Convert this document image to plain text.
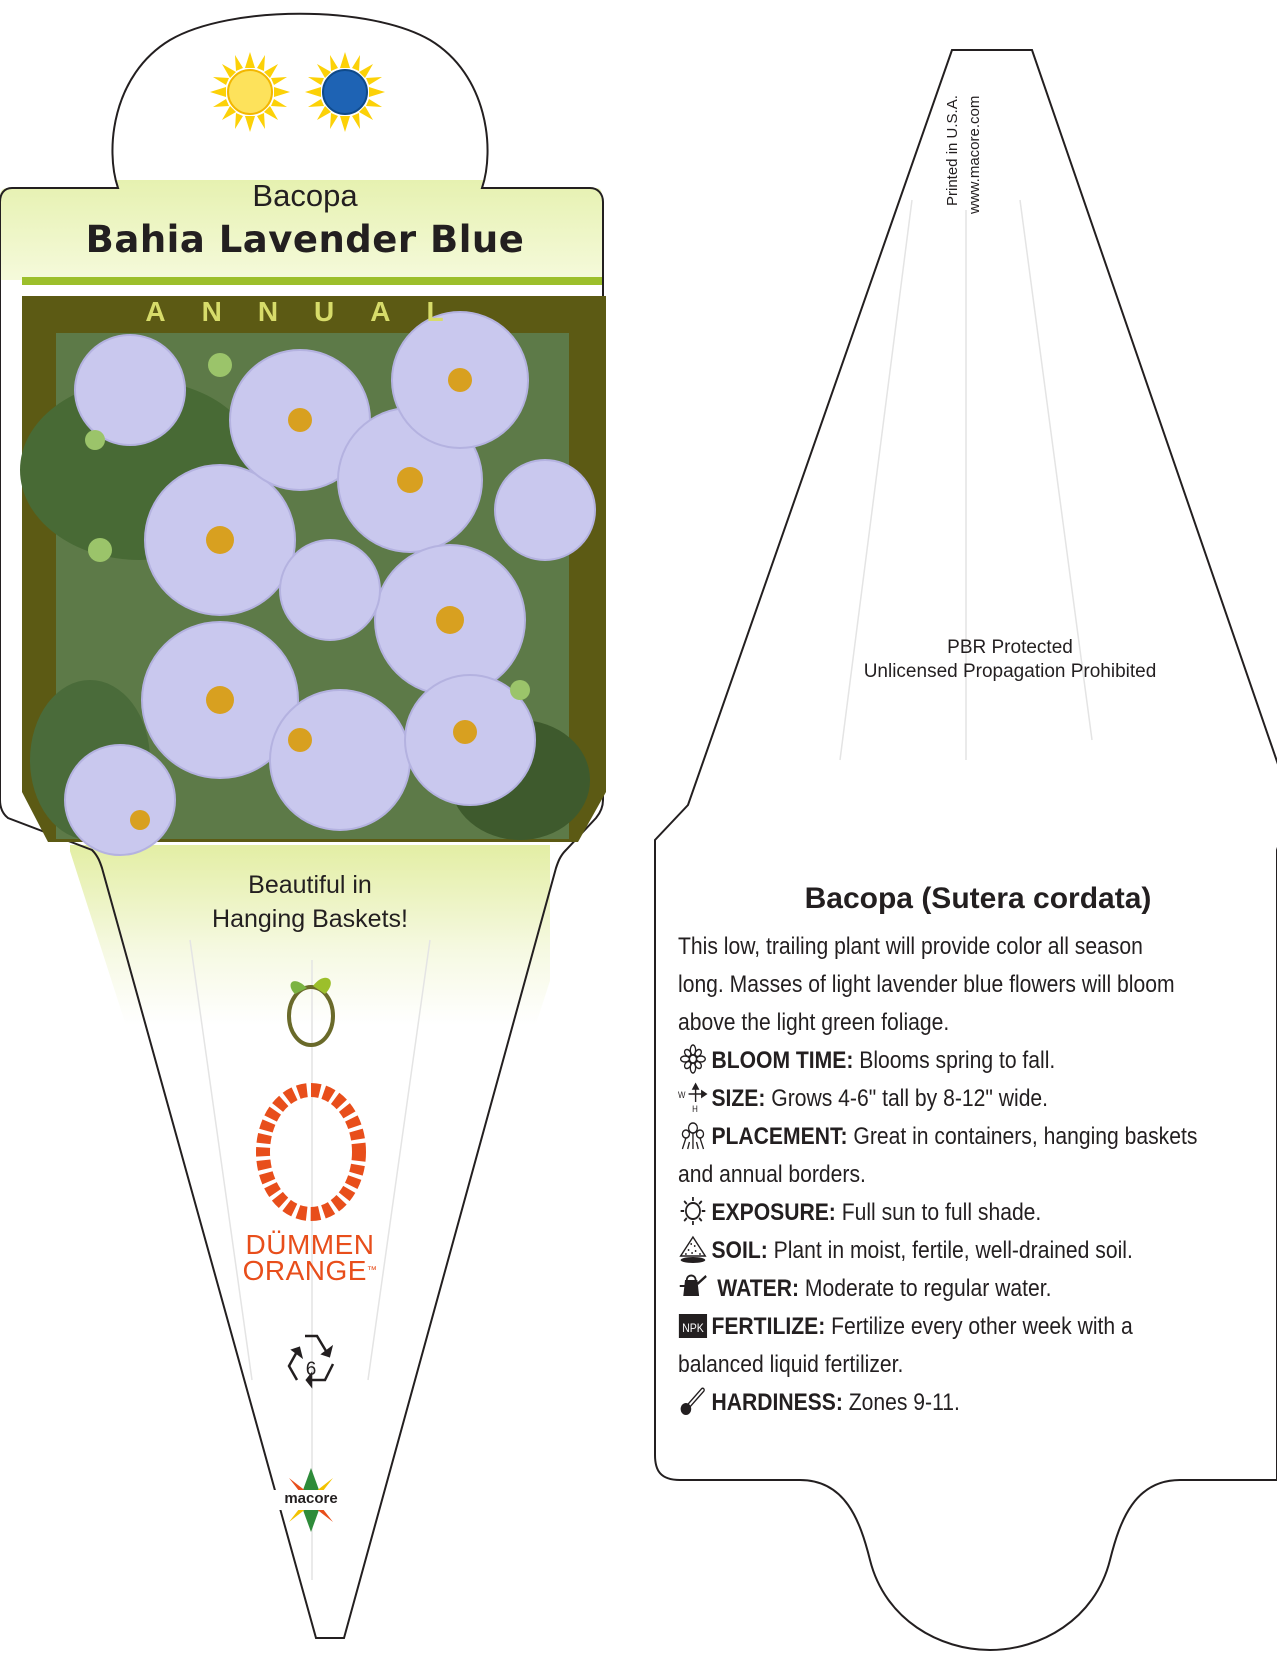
Bacopa
Bahia Lavender Blue
ANNUAL
Beautiful in
Hanging Baskets!
DÜMMEN
ORANGE™
6
macore
Printed in U.S.A. www.macore.com
PBR Protected
Unlicensed Propagation Prohibited
Bacopa (Sutera cordata)
This low, trailing plant will provide color all season
long. Masses of light lavender blue flowers will bloom
above the light green foliage.
BLOOM TIME: Blooms spring to fall.
W
H SIZE: Grows 4-6" tall by 8-12" wide.
PLACEMENT: Great in containers, hanging baskets
and annual borders.
EXPOSURE: Full sun to full shade.
SOIL: Plant in moist, fertile, well-drained soil.
WATER: Moderate to regular water.
NPK FERTILIZE: Fertilize every other week with a
balanced liquid fertilizer.
HARDINESS: Zones 9-11.
